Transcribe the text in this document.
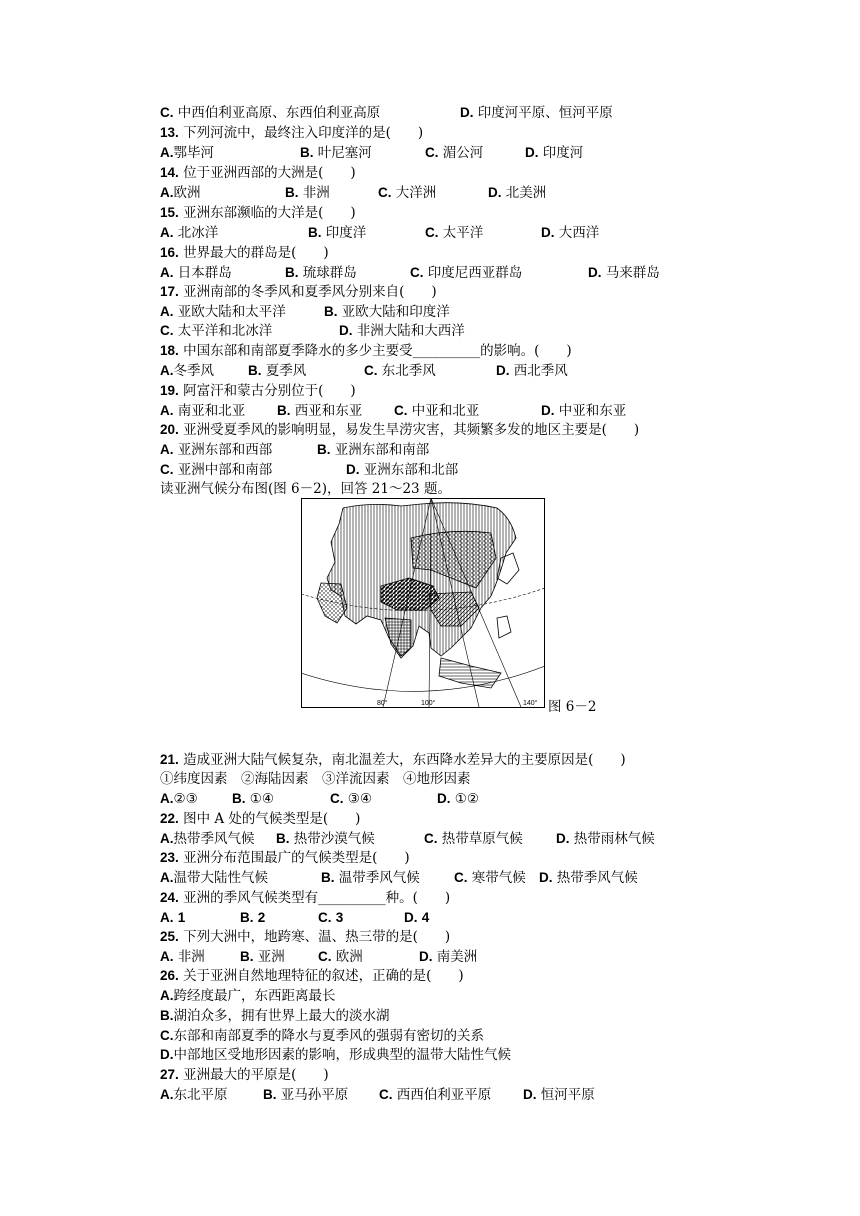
C. 中西伯利亚高原、东西伯利亚高原	D. 印度河平原、恒河平原
13. 下列河流中，最终注入印度洋的是(　　)
A.鄂毕河	B. 叶尼塞河	C. 湄公河	D. 印度河
14. 位于亚洲西部的大洲是(　　)
A.欧洲	B. 非洲	C. 大洋洲	D. 北美洲
15. 亚洲东部濒临的大洋是(　　)
A. 北冰洋	B. 印度洋	C. 太平洋	D. 大西洋
16. 世界最大的群岛是(　　)
A. 日本群岛	B. 琉球群岛	C. 印度尼西亚群岛	D. 马来群岛
17. 亚洲南部的冬季风和夏季风分别来自(　　)
A. 亚欧大陆和太平洋	B. 亚欧大陆和印度洋
C. 太平洋和北冰洋	D. 非洲大陆和大西洋
18. 中国东部和南部夏季降水的多少主要受__________的影响。(　　)
A.冬季风	B. 夏季风	C. 东北季风	D. 西北季风
19. 阿富汗和蒙古分别位于(　　)
A. 南亚和北亚 B. 西亚和东亚 C. 中亚和北亚	D. 中亚和东亚
20. 亚洲受夏季风的影响明显，易发生旱涝灾害，其频繁多发的地区主要是(　　)
A. 亚洲东部和西部	B. 亚洲东部和南部
C. 亚洲中部和南部	D. 亚洲东部和北部
读亚洲气候分布图(图 6－2)，回答 21～23 题。
80°	100°	140° 图 6－2
21. 造成亚洲大陆气候复杂，南北温差大，东西降水差异大的主要原因是(　　)
①纬度因素　②海陆因素　③洋流因素　④地形因素
A.②③	B. ①④	C. ③④	D. ①②
22. 图中 A 处的气候类型是(　　)
A.热带季风气候 B. 热带沙漠气候	C. 热带草原气候 D. 热带雨林气候
23. 亚洲分布范围最广的气候类型是(　　)
A.温带大陆性气候	B. 温带季风气候	C. 寒带气候 D. 热带季风气候
24. 亚洲的季风气候类型有__________种。(　　)
A. 1	B. 2	C. 3	D. 4
25. 下列大洲中，地跨寒、温、热三带的是(　　)
A. 非洲	B. 亚洲 C. 欧洲	D. 南美洲
26. 关于亚洲自然地理特征的叙述，正确的是(　　)
A.跨经度最广，东西距离最长
B.湖泊众多，拥有世界上最大的淡水湖
C.东部和南部夏季的降水与夏季风的强弱有密切的关系
D.中部地区受地形因素的影响，形成典型的温带大陆性气候
27. 亚洲最大的平原是(　　)
A.东北平原	B. 亚马孙平原 C. 西西伯利亚平原 D. 恒河平原
